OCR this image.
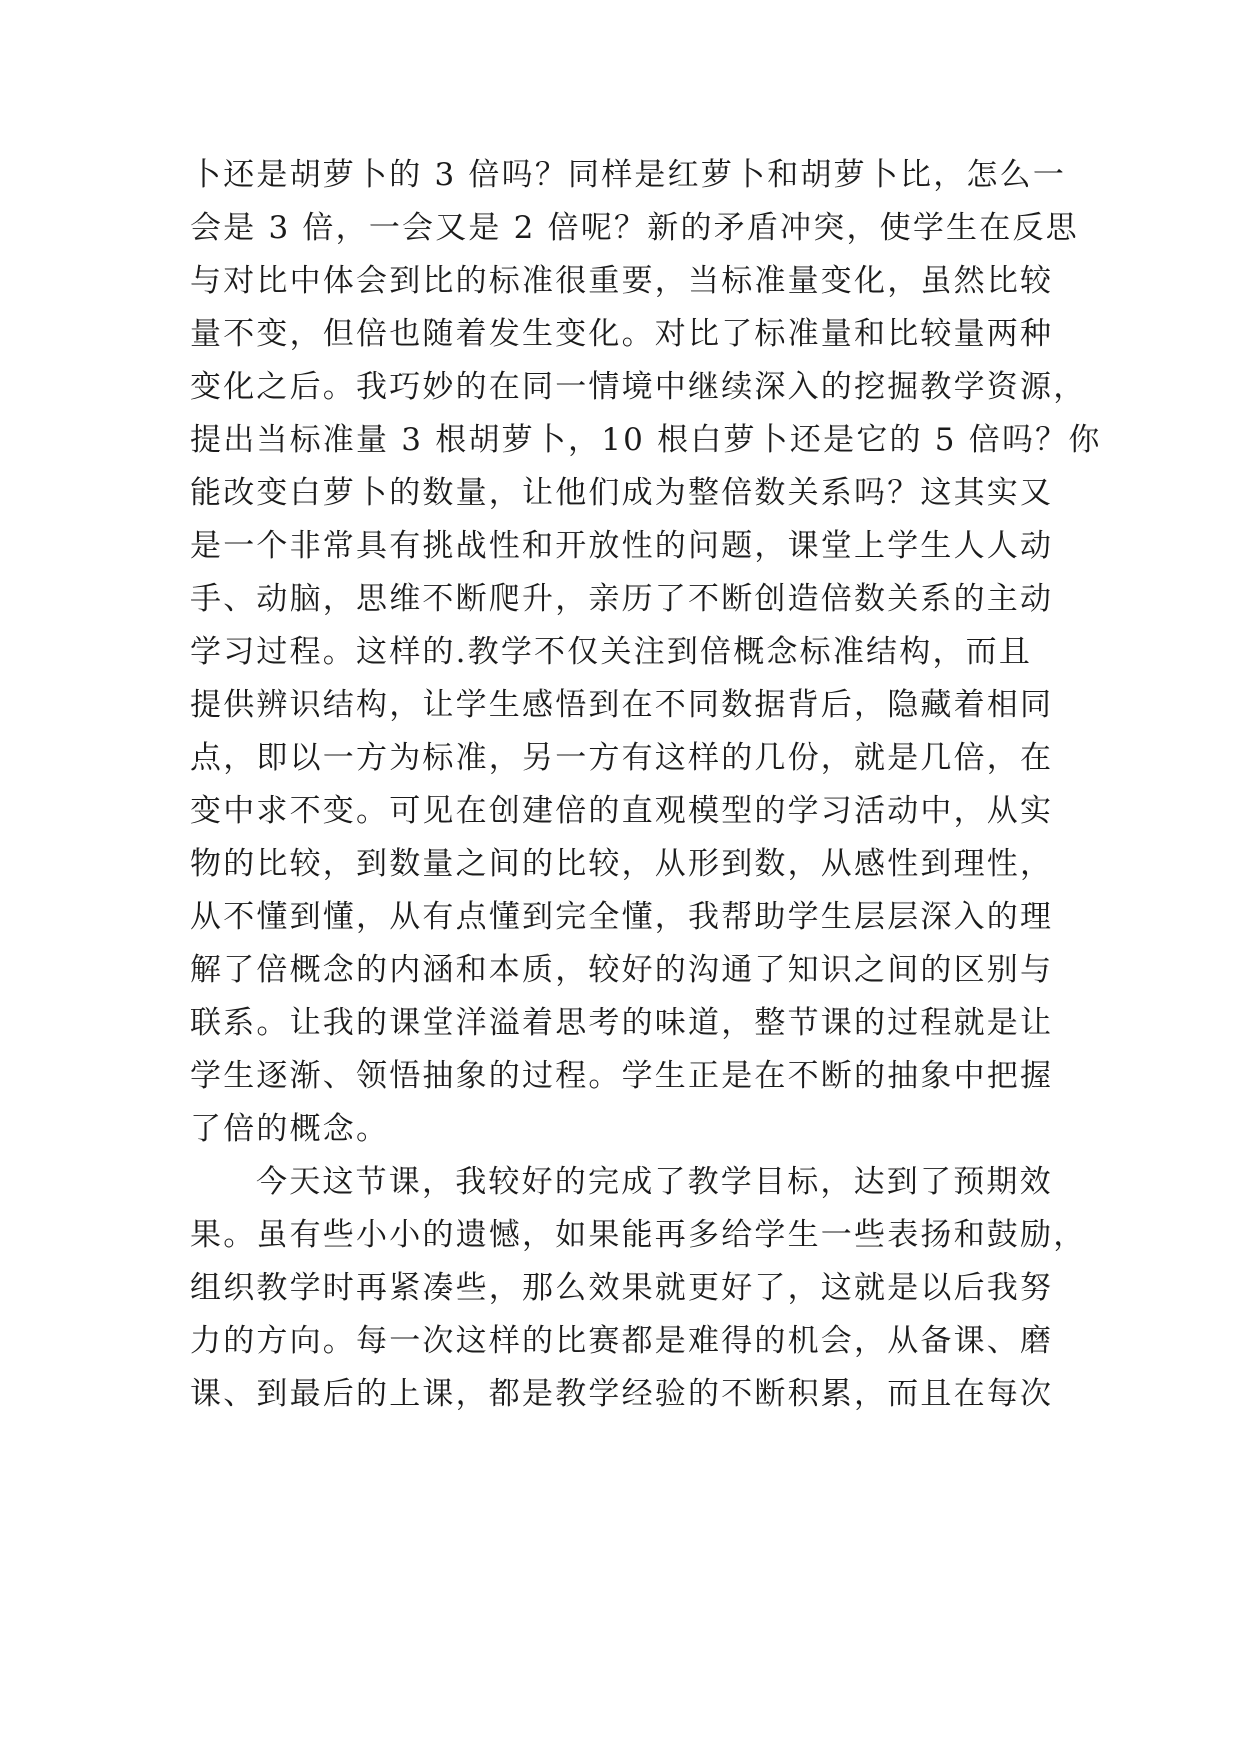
卜还是胡萝卜的 3 倍吗？同样是红萝卜和胡萝卜比，怎么一
会是 3 倍，一会又是 2 倍呢？新的矛盾冲突，使学生在反思
与对比中体会到比的标准很重要，当标准量变化，虽然比较
量不变，但倍也随着发生变化。对比了标准量和比较量两种
变化之后。我巧妙的在同一情境中继续深入的挖掘教学资源，
提出当标准量 3 根胡萝卜，10 根白萝卜还是它的 5 倍吗？你
能改变白萝卜的数量，让他们成为整倍数关系吗？这其实又
是一个非常具有挑战性和开放性的问题，课堂上学生人人动
手、动脑，思维不断爬升，亲历了不断创造倍数关系的主动
学习过程。这样的.教学不仅关注到倍概念标准结构，而且
提供辨识结构，让学生感悟到在不同数据背后，隐藏着相同
点，即以一方为标准，另一方有这样的几份，就是几倍，在
变中求不变。可见在创建倍的直观模型的学习活动中，从实
物的比较，到数量之间的比较，从形到数，从感性到理性，
从不懂到懂，从有点懂到完全懂，我帮助学生层层深入的理
解了倍概念的内涵和本质，较好的沟通了知识之间的区别与
联系。让我的课堂洋溢着思考的味道，整节课的过程就是让
学生逐渐、领悟抽象的过程。学生正是在不断的抽象中把握
了倍的概念。
今天这节课，我较好的完成了教学目标，达到了预期效
果。虽有些小小的遗憾，如果能再多给学生一些表扬和鼓励，
组织教学时再紧凑些，那么效果就更好了，这就是以后我努
力的方向。每一次这样的比赛都是难得的机会，从备课、磨
课、到最后的上课，都是教学经验的不断积累，而且在每次
